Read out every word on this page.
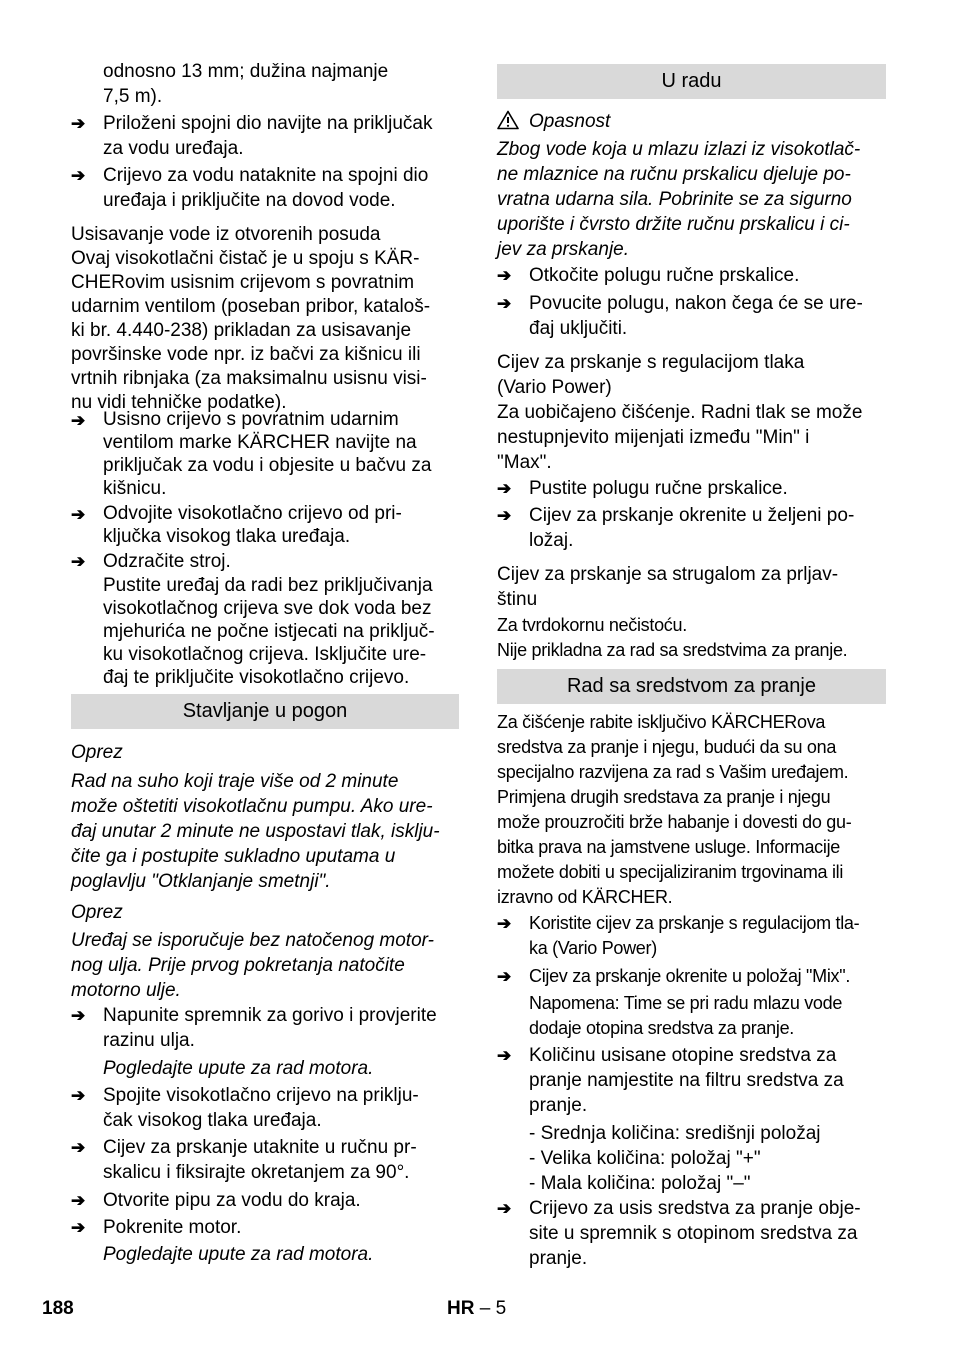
odnosno 13 mm; dužina najmanje
7,5 m).
➔
Priloženi spojni dio navijte na priključak
za vodu uređaja.
➔
Crijevo za vodu nataknite na spojni dio
uređaja i priključite na dovod vode.
Usisavanje vode iz otvorenih posuda
Ovaj visokotlačni čistač je u spoju s KÄR-
CHERovim usisnim crijevom s povratnim
udarnim ventilom (poseban pribor, kataloš-
ki br. 4.440-238) prikladan za usisavanje
površinske vode npr. iz bačvi za kišnicu ili
vrtnih ribnjaka (za maksimalnu usisnu visi-
nu vidi tehničke podatke).
➔
Usisno crijevo s povratnim udarnim
ventilom marke KÄRCHER navijte na
priključak za vodu i objesite u bačvu za
kišnicu.
➔
Odvojite visokotlačno crijevo od pri-
ključka visokog tlaka uređaja.
➔
Odzračite stroj.
Pustite uređaj da radi bez priključivanja
visokotlačnog crijeva sve dok voda bez
mjehurića ne počne istjecati na priključ-
ku visokotlačnog crijeva. Isključite ure-
đaj te priključite visokotlačno crijevo.
Stavljanje u pogon
Oprez
Rad na suho koji traje više od 2 minute
može oštetiti visokotlačnu pumpu. Ako ure-
đaj unutar 2 minute ne uspostavi tlak, isklju-
čite ga i postupite sukladno uputama u
poglavlju "Otklanjanje smetnji".
Oprez
Uređaj se isporučuje bez natočenog motor-
nog ulja. Prije prvog pokretanja natočite
motorno ulje.
➔
Napunite spremnik za gorivo i provjerite
razinu ulja.
Pogledajte upute za rad motora.
➔
Spojite visokotlačno crijevo na priklju-
čak visokog tlaka uređaja.
➔
Cijev za prskanje utaknite u ručnu pr-
skalicu i fiksirajte okretanjem za 90°.
➔
Otvorite pipu za vodu do kraja.
➔
Pokrenite motor.
Pogledajte upute za rad motora.
U radu
Opasnost
Zbog vode koja u mlazu izlazi iz visokotlač-
ne mlaznice na ručnu prskalicu djeluje po-
vratna udarna sila. Pobrinite se za sigurno
uporište i čvrsto držite ručnu prskalicu i ci-
jev za prskanje.
➔
Otkočite polugu ručne prskalice.
➔
Povucite polugu, nakon čega će se ure-
đaj uključiti.
Cijev za prskanje s regulacijom tlaka
(Vario Power)
Za uobičajeno čišćenje. Radni tlak se može
nestupnjevito mijenjati između "Min" i
"Max".
➔
Pustite polugu ručne prskalice.
➔
Cijev za prskanje okrenite u željeni po-
ložaj.
Cijev za prskanje sa strugalom za prljav-
štinu
Za tvrdokornu nečistoću.
Nije prikladna za rad sa sredstvima za pranje.
Rad sa sredstvom za pranje
Za čišćenje rabite isključivo KÄRCHERova
sredstva za pranje i njegu, budući da su ona
specijalno razvijena za rad s Vašim uređajem.
Primjena drugih sredstava za pranje i njegu
može prouzročiti brže habanje i dovesti do gu-
bitka prava na jamstvene usluge. Informacije
možete dobiti u specijaliziranim trgovinama ili
izravno od KÄRCHER.
➔
Koristite cijev za prskanje s regulacijom tla-
ka (Vario Power)
➔
Cijev za prskanje okrenite u položaj "Mix".
Napomena: Time se pri radu mlazu vode
dodaje otopina sredstva za pranje.
➔
Količinu usisane otopine sredstva za
pranje namjestite na filtru sredstva za
pranje.
- Srednja količina: središnji položaj
- Velika količina: položaj "+"
- Mala količina: položaj "–"
➔
Crijevo za usis sredstva za pranje obje-
site u spremnik s otopinom sredstva za
pranje.
188	HR – 5
